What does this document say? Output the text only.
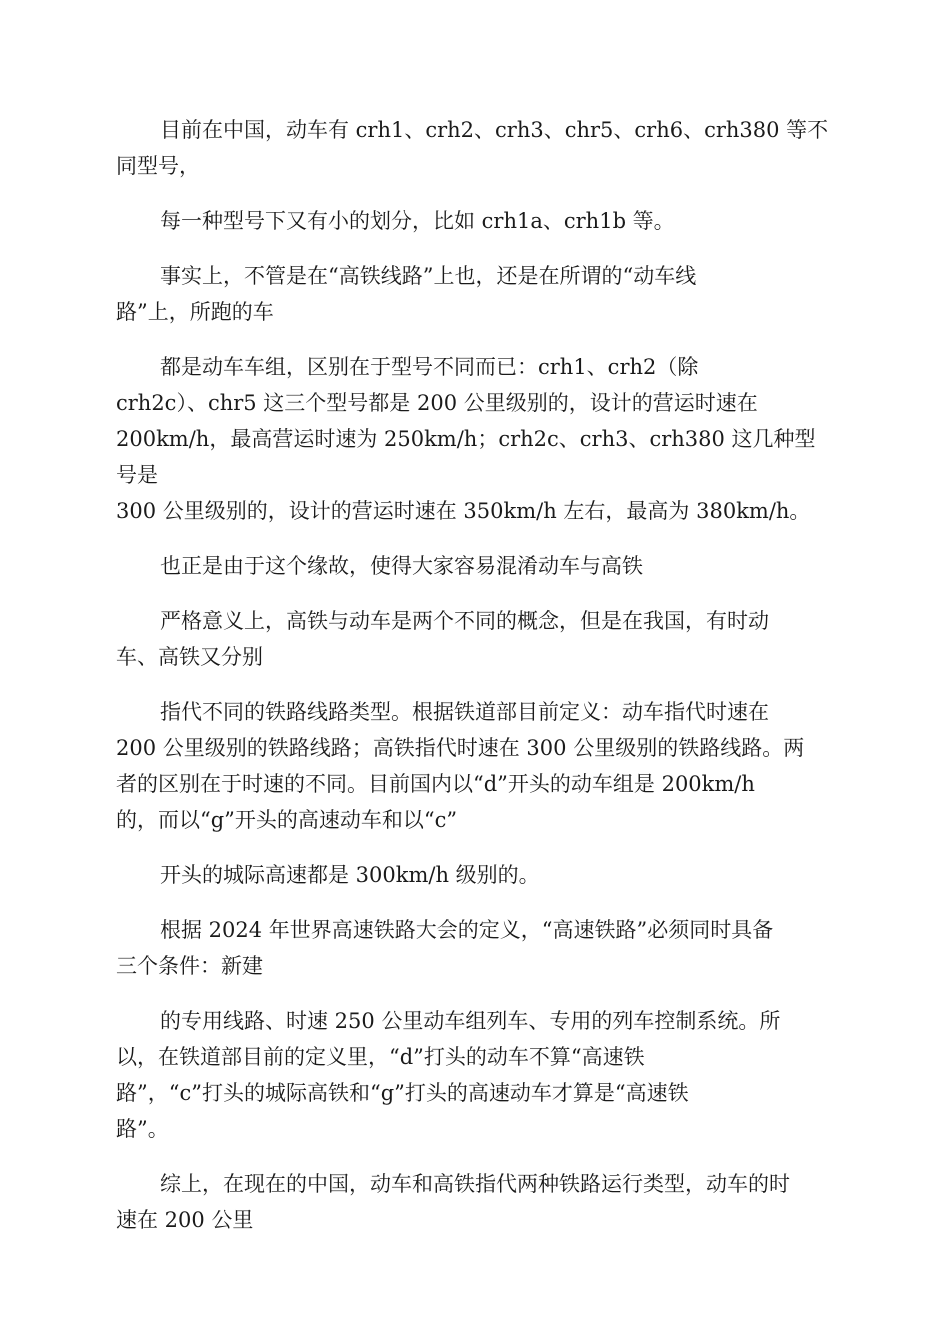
目前在中国，动车有 crh1、crh2、crh3、chr5、crh6、crh380 等不
同型号，

每一种型号下又有小的划分，比如 crh1a、crh1b 等。

事实上，不管是在“高铁线路”上也，还是在所谓的“动车线
路”上，所跑的车

都是动车车组，区别在于型号不同而已：crh1、crh2（除
crh2c）、chr5 这三个型号都是 200 公里级别的，设计的营运时速在
200km/h，最高营运时速为 250km/h；crh2c、crh3、crh380 这几种型号是
300 公里级别的，设计的营运时速在 350km/h 左右，最高为 380km/h。

也正是由于这个缘故，使得大家容易混淆动车与高铁

严格意义上，高铁与动车是两个不同的概念，但是在我国，有时动
车、高铁又分别

指代不同的铁路线路类型。根据铁道部目前定义：动车指代时速在
200 公里级别的铁路线路；高铁指代时速在 300 公里级别的铁路线路。两
者的区别在于时速的不同。目前国内以“d”开头的动车组是 200km/h
的，而以“g”开头的高速动车和以“c”

开头的城际高速都是 300km/h 级别的。

根据 2024 年世界高速铁路大会的定义，“高速铁路”必须同时具备
三个条件：新建

的专用线路、时速 250 公里动车组列车、专用的列车控制系统。所
以，在铁道部目前的定义里，“d”打头的动车不算“高速铁
路”，“c”打头的城际高铁和“g”打头的高速动车才算是“高速铁
路”。

综上，在现在的中国，动车和高铁指代两种铁路运行类型，动车的时
速在 200 公里
